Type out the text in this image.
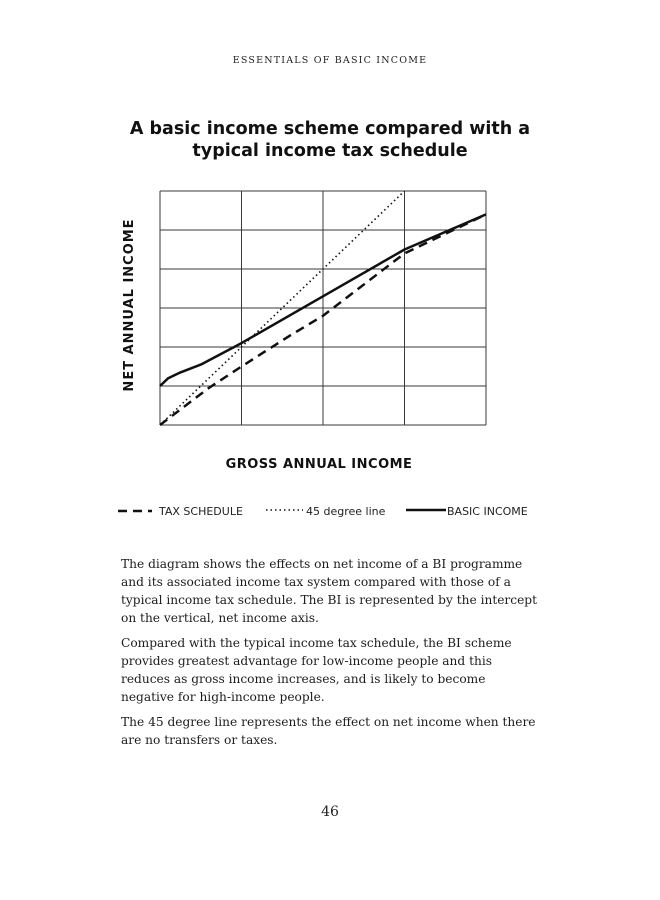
ESSENTIALS OF BASIC INCOME
A basic income scheme compared with a
typical income tax schedule
NET ANNUAL INCOME
GROSS ANNUAL INCOME
TAX SCHEDULE	45 degree line	BASIC INCOME

The diagram shows the effects on net income of a BI programme and its associated income tax system compared with those of a typical income tax schedule. The BI is represented by the intercept on the vertical, net income axis.

Compared with the typical income tax schedule, the BI scheme provides greatest advantage for low-income people and this reduces as gross income increases, and is likely to become negative for high-income people.

The 45 degree line represents the effect on net income when there are no transfers or taxes.

46
